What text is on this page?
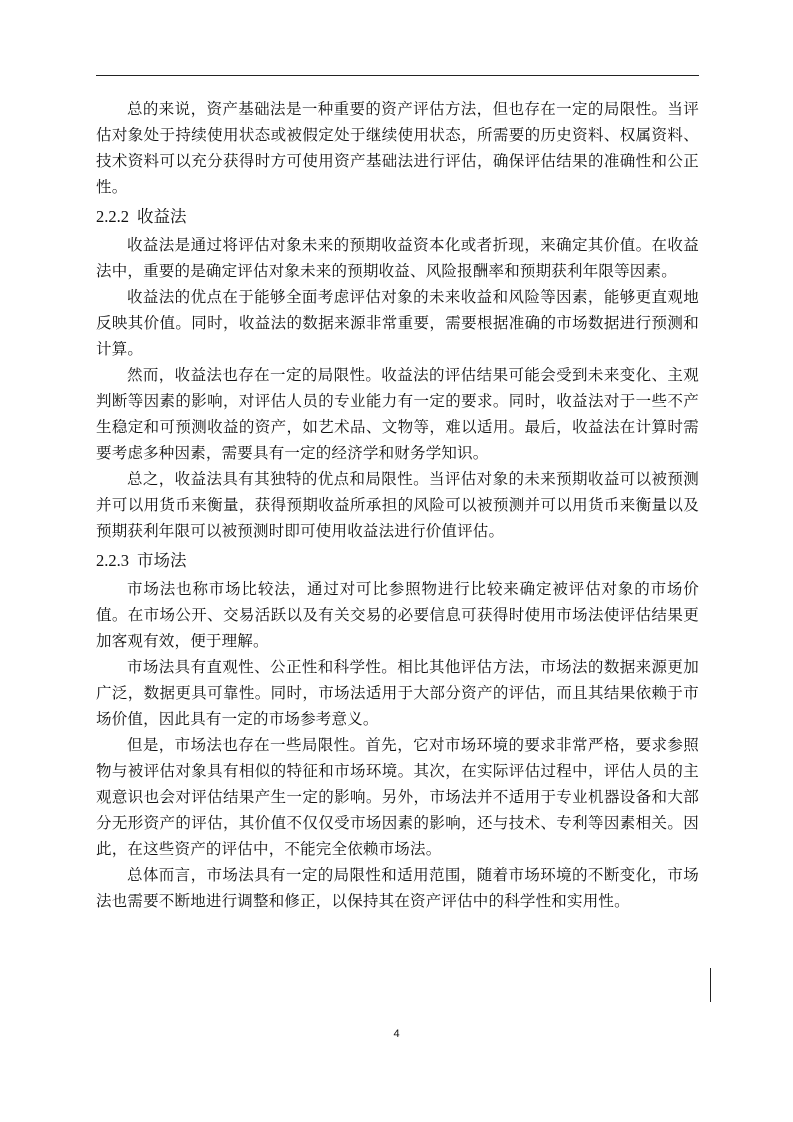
总的来说，资产基础法是一种重要的资产评估方法，但也存在一定的局限性。当评估对象处于持续使用状态或被假定处于继续使用状态，所需要的历史资料、权属资料、技术资料可以充分获得时方可使用资产基础法进行评估，确保评估结果的准确性和公正性。

2.2.2 收益法

收益法是通过将评估对象未来的预期收益资本化或者折现，来确定其价值。在收益法中，重要的是确定评估对象未来的预期收益、风险报酬率和预期获利年限等因素。

收益法的优点在于能够全面考虑评估对象的未来收益和风险等因素，能够更直观地反映其价值。同时，收益法的数据来源非常重要，需要根据准确的市场数据进行预测和计算。

然而，收益法也存在一定的局限性。收益法的评估结果可能会受到未来变化、主观判断等因素的影响，对评估人员的专业能力有一定的要求。同时，收益法对于一些不产生稳定和可预测收益的资产，如艺术品、文物等，难以适用。最后，收益法在计算时需要考虑多种因素，需要具有一定的经济学和财务学知识。

总之，收益法具有其独特的优点和局限性。当评估对象的未来预期收益可以被预测并可以用货币来衡量，获得预期收益所承担的风险可以被预测并可以用货币来衡量以及预期获利年限可以被预测时即可使用收益法进行价值评估。

2.2.3 市场法

市场法也称市场比较法，通过对可比参照物进行比较来确定被评估对象的市场价值。在市场公开、交易活跃以及有关交易的必要信息可获得时使用市场法使评估结果更加客观有效，便于理解。

市场法具有直观性、公正性和科学性。相比其他评估方法，市场法的数据来源更加广泛，数据更具可靠性。同时，市场法适用于大部分资产的评估，而且其结果依赖于市场价值，因此具有一定的市场参考意义。

但是，市场法也存在一些局限性。首先，它对市场环境的要求非常严格，要求参照物与被评估对象具有相似的特征和市场环境。其次，在实际评估过程中，评估人员的主观意识也会对评估结果产生一定的影响。另外，市场法并不适用于专业机器设备和大部分无形资产的评估，其价值不仅仅受市场因素的影响，还与技术、专利等因素相关。因此，在这些资产的评估中，不能完全依赖市场法。

总体而言，市场法具有一定的局限性和适用范围，随着市场环境的不断变化，市场法也需要不断地进行调整和修正，以保持其在资产评估中的科学性和实用性。

4
